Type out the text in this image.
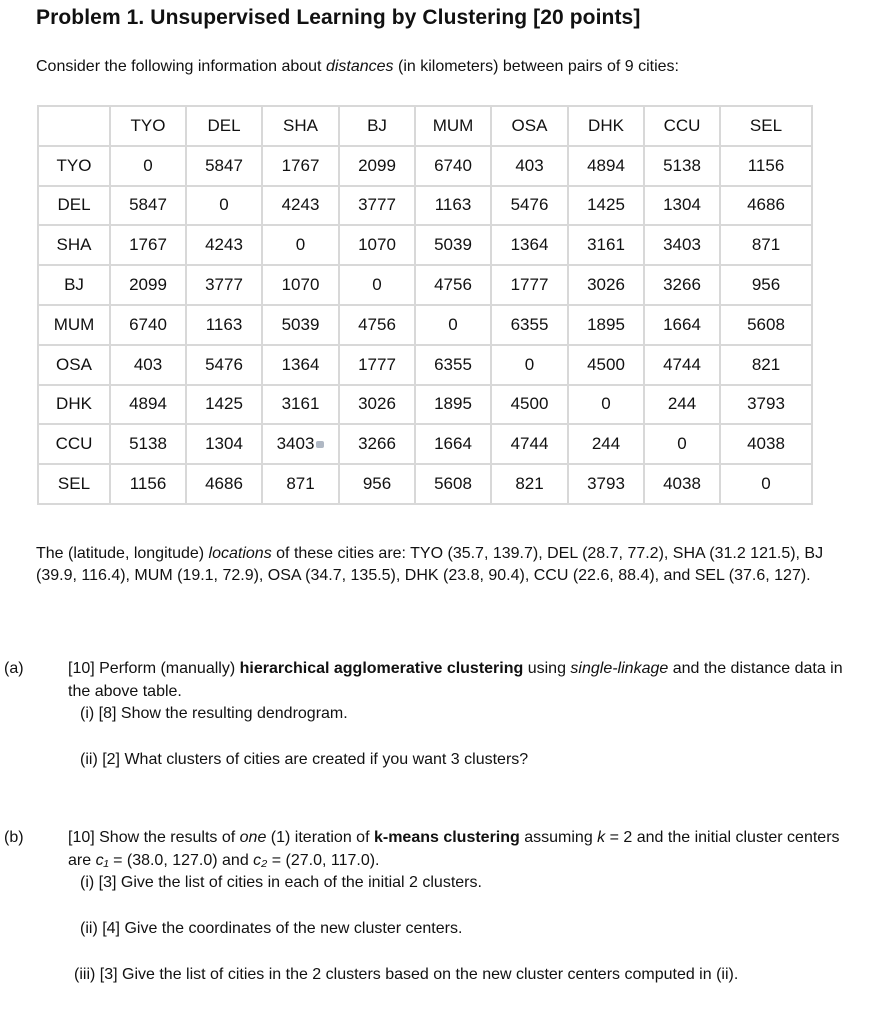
Problem 1. Unsupervised Learning by Clustering [20 points]
Consider the following information about distances (in kilometers) between pairs of 9 cities:
	TYO	DEL	SHA	BJ	MUM	OSA	DHK	CCU	SEL
TYO	0	5847	1767	2099	6740	403	4894	5138	1156
DEL	5847	0	4243	3777	1163	5476	1425	1304	4686
SHA	1767	4243	0	1070	5039	1364	3161	3403	871
BJ	2099	3777	1070	0	4756	1777	3026	3266	956
MUM	6740	1163	5039	4756	0	6355	1895	1664	5608
OSA	403	5476	1364	1777	6355	0	4500	4744	821
DHK	4894	1425	3161	3026	1895	4500	0	244	3793
CCU	5138	1304	3403	3266	1664	4744	244	0	4038
SEL	1156	4686	871	956	5608	821	3793	4038	0
The (latitude, longitude) locations of these cities are: TYO (35.7, 139.7), DEL (28.7, 77.2), SHA (31.2 121.5), BJ (39.9, 116.4), MUM (19.1, 72.9), OSA (34.7, 135.5), DHK (23.8, 90.4), CCU (22.6, 88.4), and SEL (37.6, 127).
(a)	[10] Perform (manually) hierarchical agglomerative clustering using single-linkage and the distance data in the above table.
(i) [8] Show the resulting dendrogram.
(ii) [2] What clusters of cities are created if you want 3 clusters?
(b)	[10] Show the results of one (1) iteration of k-means clustering assuming k = 2 and the initial cluster centers are c₁ = (38.0, 127.0) and c₂ = (27.0, 117.0).
(i) [3] Give the list of cities in each of the initial 2 clusters.
(ii) [4] Give the coordinates of the new cluster centers.
(iii) [3] Give the list of cities in the 2 clusters based on the new cluster centers computed in (ii).
